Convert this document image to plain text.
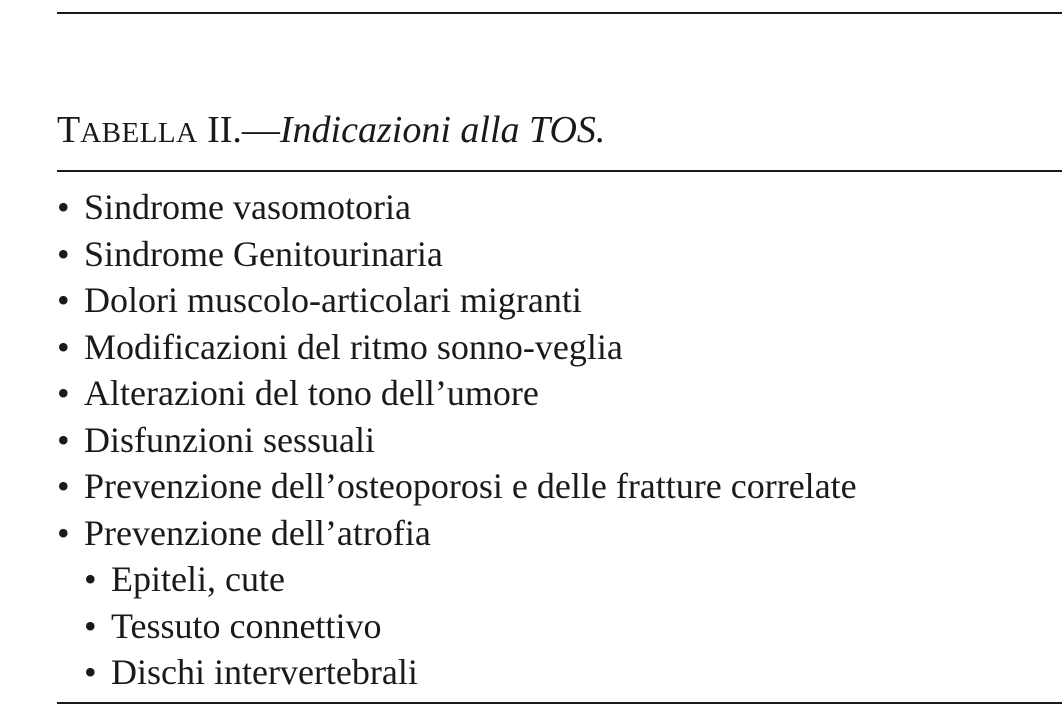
TABELLA II.—Indicazioni alla TOS.
• Sindrome vasomotoria
• Sindrome Genitourinaria
• Dolori muscolo-articolari migranti
• Modificazioni del ritmo sonno-veglia
• Alterazioni del tono dell’umore
• Disfunzioni sessuali
• Prevenzione dell’osteoporosi e delle fratture correlate
• Prevenzione dell’atrofia
• Epiteli, cute
• Tessuto connettivo
• Dischi intervertebrali
